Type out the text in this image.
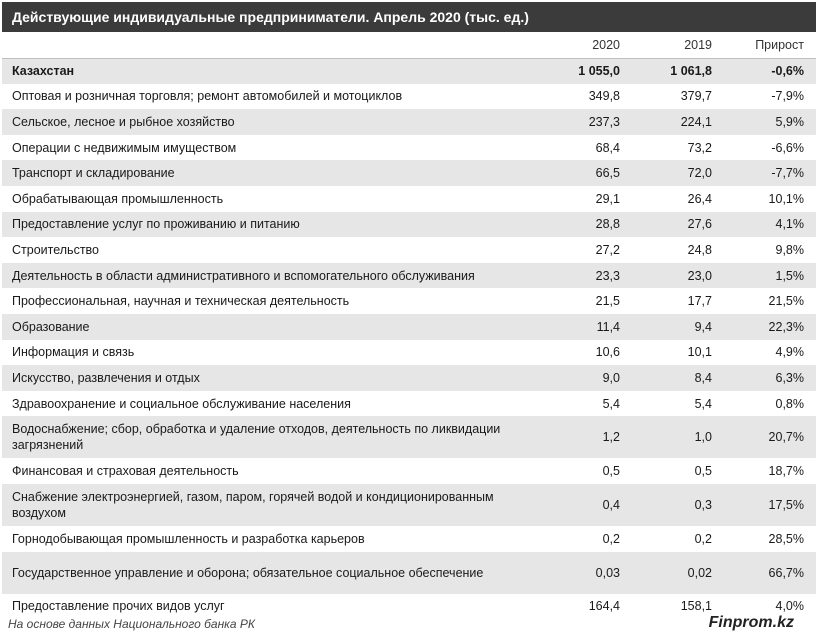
Действующие индивидуальные предприниматели. Апрель 2020 (тыс. ед.)
	2020	2019	Прирост
Казахстан	1 055,0	1 061,8	-0,6%
Оптовая и розничная торговля; ремонт автомобилей и мотоциклов	349,8	379,7	-7,9%
Сельское, лесное и рыбное хозяйство	237,3	224,1	5,9%
Операции с недвижимым имуществом	68,4	73,2	-6,6%
Транспорт и складирование	66,5	72,0	-7,7%
Обрабатывающая промышленность	29,1	26,4	10,1%
Предоставление услуг по проживанию и питанию	28,8	27,6	4,1%
Строительство	27,2	24,8	9,8%
Деятельность в области административного и вспомогательного обслуживания	23,3	23,0	1,5%
Профессиональная, научная и техническая деятельность	21,5	17,7	21,5%
Образование	11,4	9,4	22,3%
Информация и связь	10,6	10,1	4,9%
Искусство, развлечения и отдых	9,0	8,4	6,3%
Здравоохранение и социальное обслуживание населения	5,4	5,4	0,8%
Водоснабжение; сбор, обработка и удаление отходов, деятельность по ликвидации загрязнений	1,2	1,0	20,7%
Финансовая и страховая деятельность	0,5	0,5	18,7%
Снабжение электроэнергией, газом, паром, горячей водой и кондиционированным воздухом	0,4	0,3	17,5%
Горнодобывающая промышленность и разработка карьеров	0,2	0,2	28,5%
Государственное управление и оборона; обязательное социальное обеспечение	0,03	0,02	66,7%
Предоставление прочих видов услуг	164,4	158,1	4,0%
На основе данных Национального банка РК	Finprom.kz
